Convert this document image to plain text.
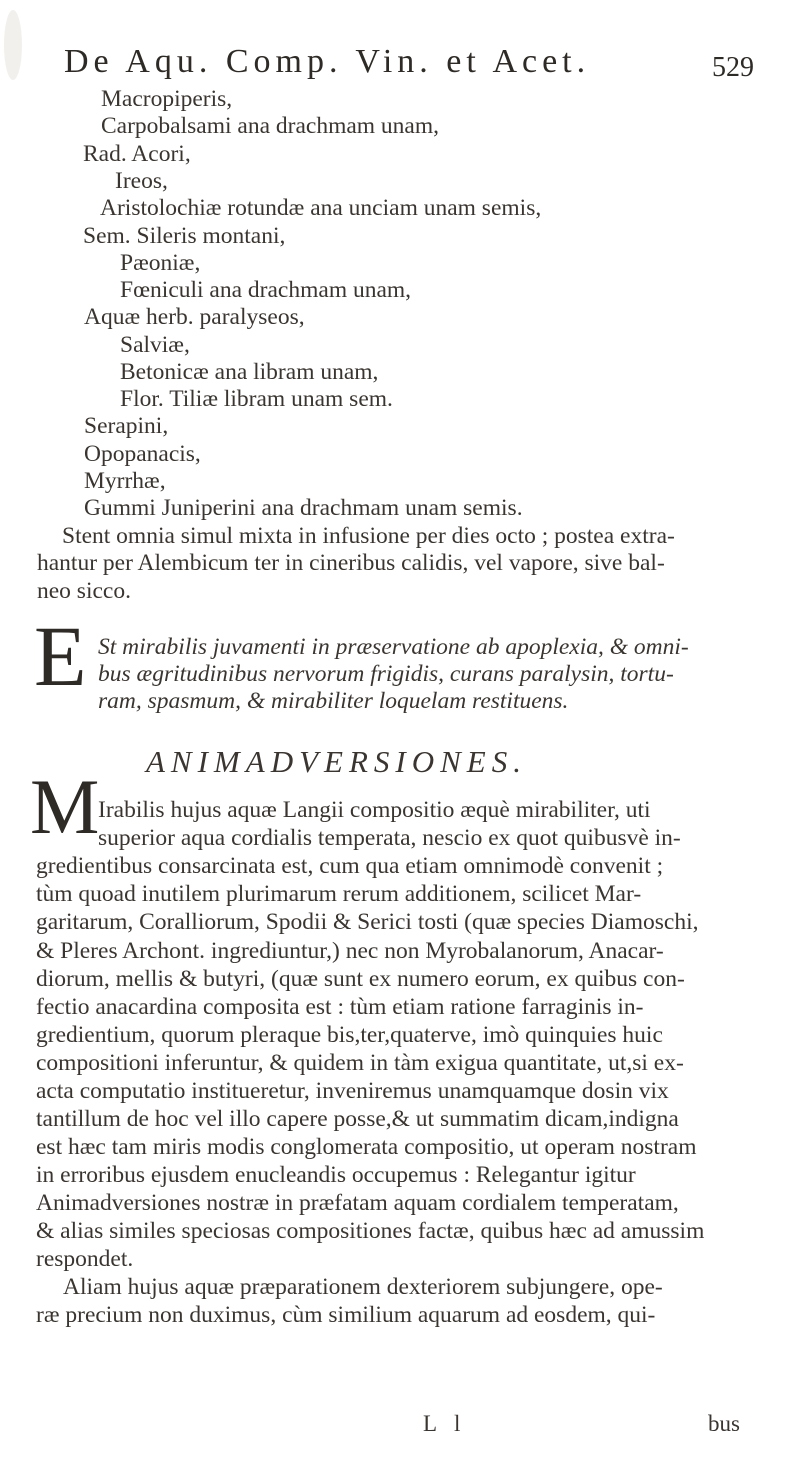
De Aqu. Comp. Vin. et Acet.	529
Macropiperis,
Carpobalsami ana drachmam unam,
Rad. Acori,
Ireos,
Aristolochiæ rotundæ ana unciam unam semis,
Sem. Sileris montani,
Pæoniæ,
Fœniculi ana drachmam unam,
Aquæ herb. paralyseos,
Salviæ,
Betonicæ ana libram unam,
Flor. Tiliæ libram unam sem.
Serapini,
Opopanacis,
Myrrhæ,
Gummi Juniperini ana drachmam unam semis.
Stent omnia simul mixta in infusione per dies octo ; postea extra-
hantur per Alembicum ter in cineribus calidis, vel vapore, sive bal-
neo sicco.
E St mirabilis juvamenti in præservatione ab apoplexia, & omni-
bus ægritudinibus nervorum frigidis, curans paralysin, tortu-
ram, spasmum, & mirabiliter loquelam restituens.
ANIMADVERSIONES.
M
Irabilis hujus aquæ Langii compositio æquè mirabiliter, uti
superior aqua cordialis temperata, nescio ex quot quibusvè in-
gredientibus consarcinata est, cum qua etiam omnimodè convenit ;
tùm quoad inutilem plurimarum rerum additionem, scilicet Mar-
garitarum, Coralliorum, Spodii & Serici tosti (quæ species Diamoschi,
& Pleres Archont. ingrediuntur,) nec non Myrobalanorum, Anacar-
diorum, mellis & butyri, (quæ sunt ex numero eorum, ex quibus con-
fectio anacardina composita est : tùm etiam ratione farraginis in-
gredientium, quorum pleraque bis,ter,quaterve, imò quinquies huic
compositioni inferuntur, & quidem in tàm exigua quantitate, ut,si ex-
acta computatio institueretur, inveniremus unamquamque dosin vix
tantillum de hoc vel illo capere posse,& ut summatim dicam,indigna
est hæc tam miris modis conglomerata compositio, ut operam nostram
in erroribus ejusdem enucleandis occupemus : Relegantur igitur
Animadversiones nostræ in præfatam aquam cordialem temperatam,
& alias similes speciosas compositiones factæ, quibus hæc ad amussim
respondet.
Aliam hujus aquæ præparationem dexteriorem subjungere, ope-
ræ precium non duximus, cùm similium aquarum ad eosdem, qui-
L l	bus
